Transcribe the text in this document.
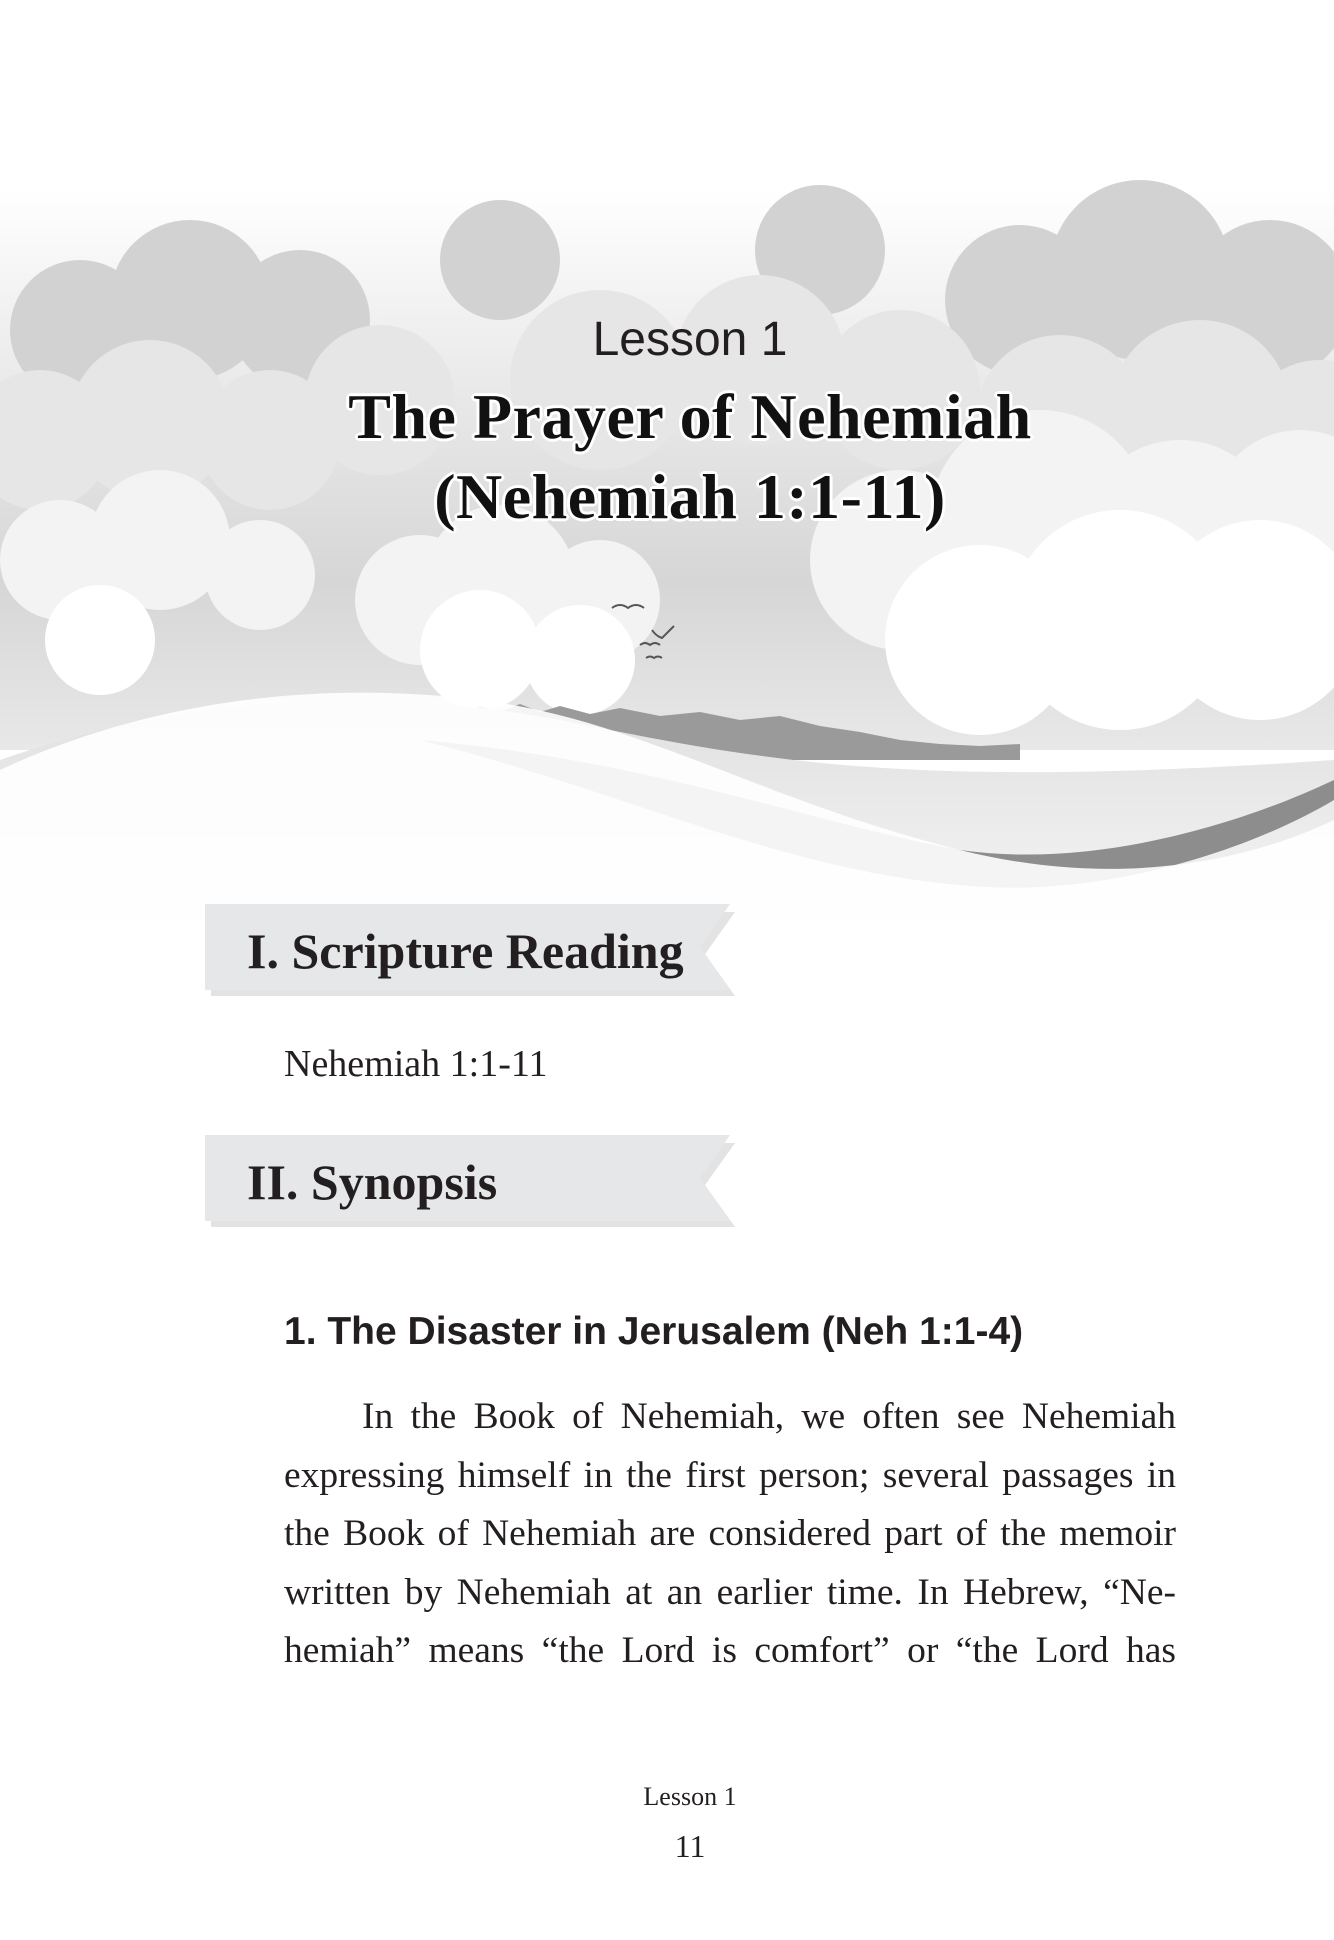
Lesson 1
The Prayer of Nehemiah
(Nehemiah 1:1-11)
I. Scripture Reading
Nehemiah 1:1-11
II. Synopsis
1. The Disaster in Jerusalem (Neh 1:1-4)
In the Book of Nehemiah, we often see Nehemiah
expressing himself in the first person; several passages in
the Book of Nehemiah are considered part of the memoir
written by Nehemiah at an earlier time. In Hebrew, “Ne-
hemiah” means “the Lord is comfort” or “the Lord has
Lesson 1
11
